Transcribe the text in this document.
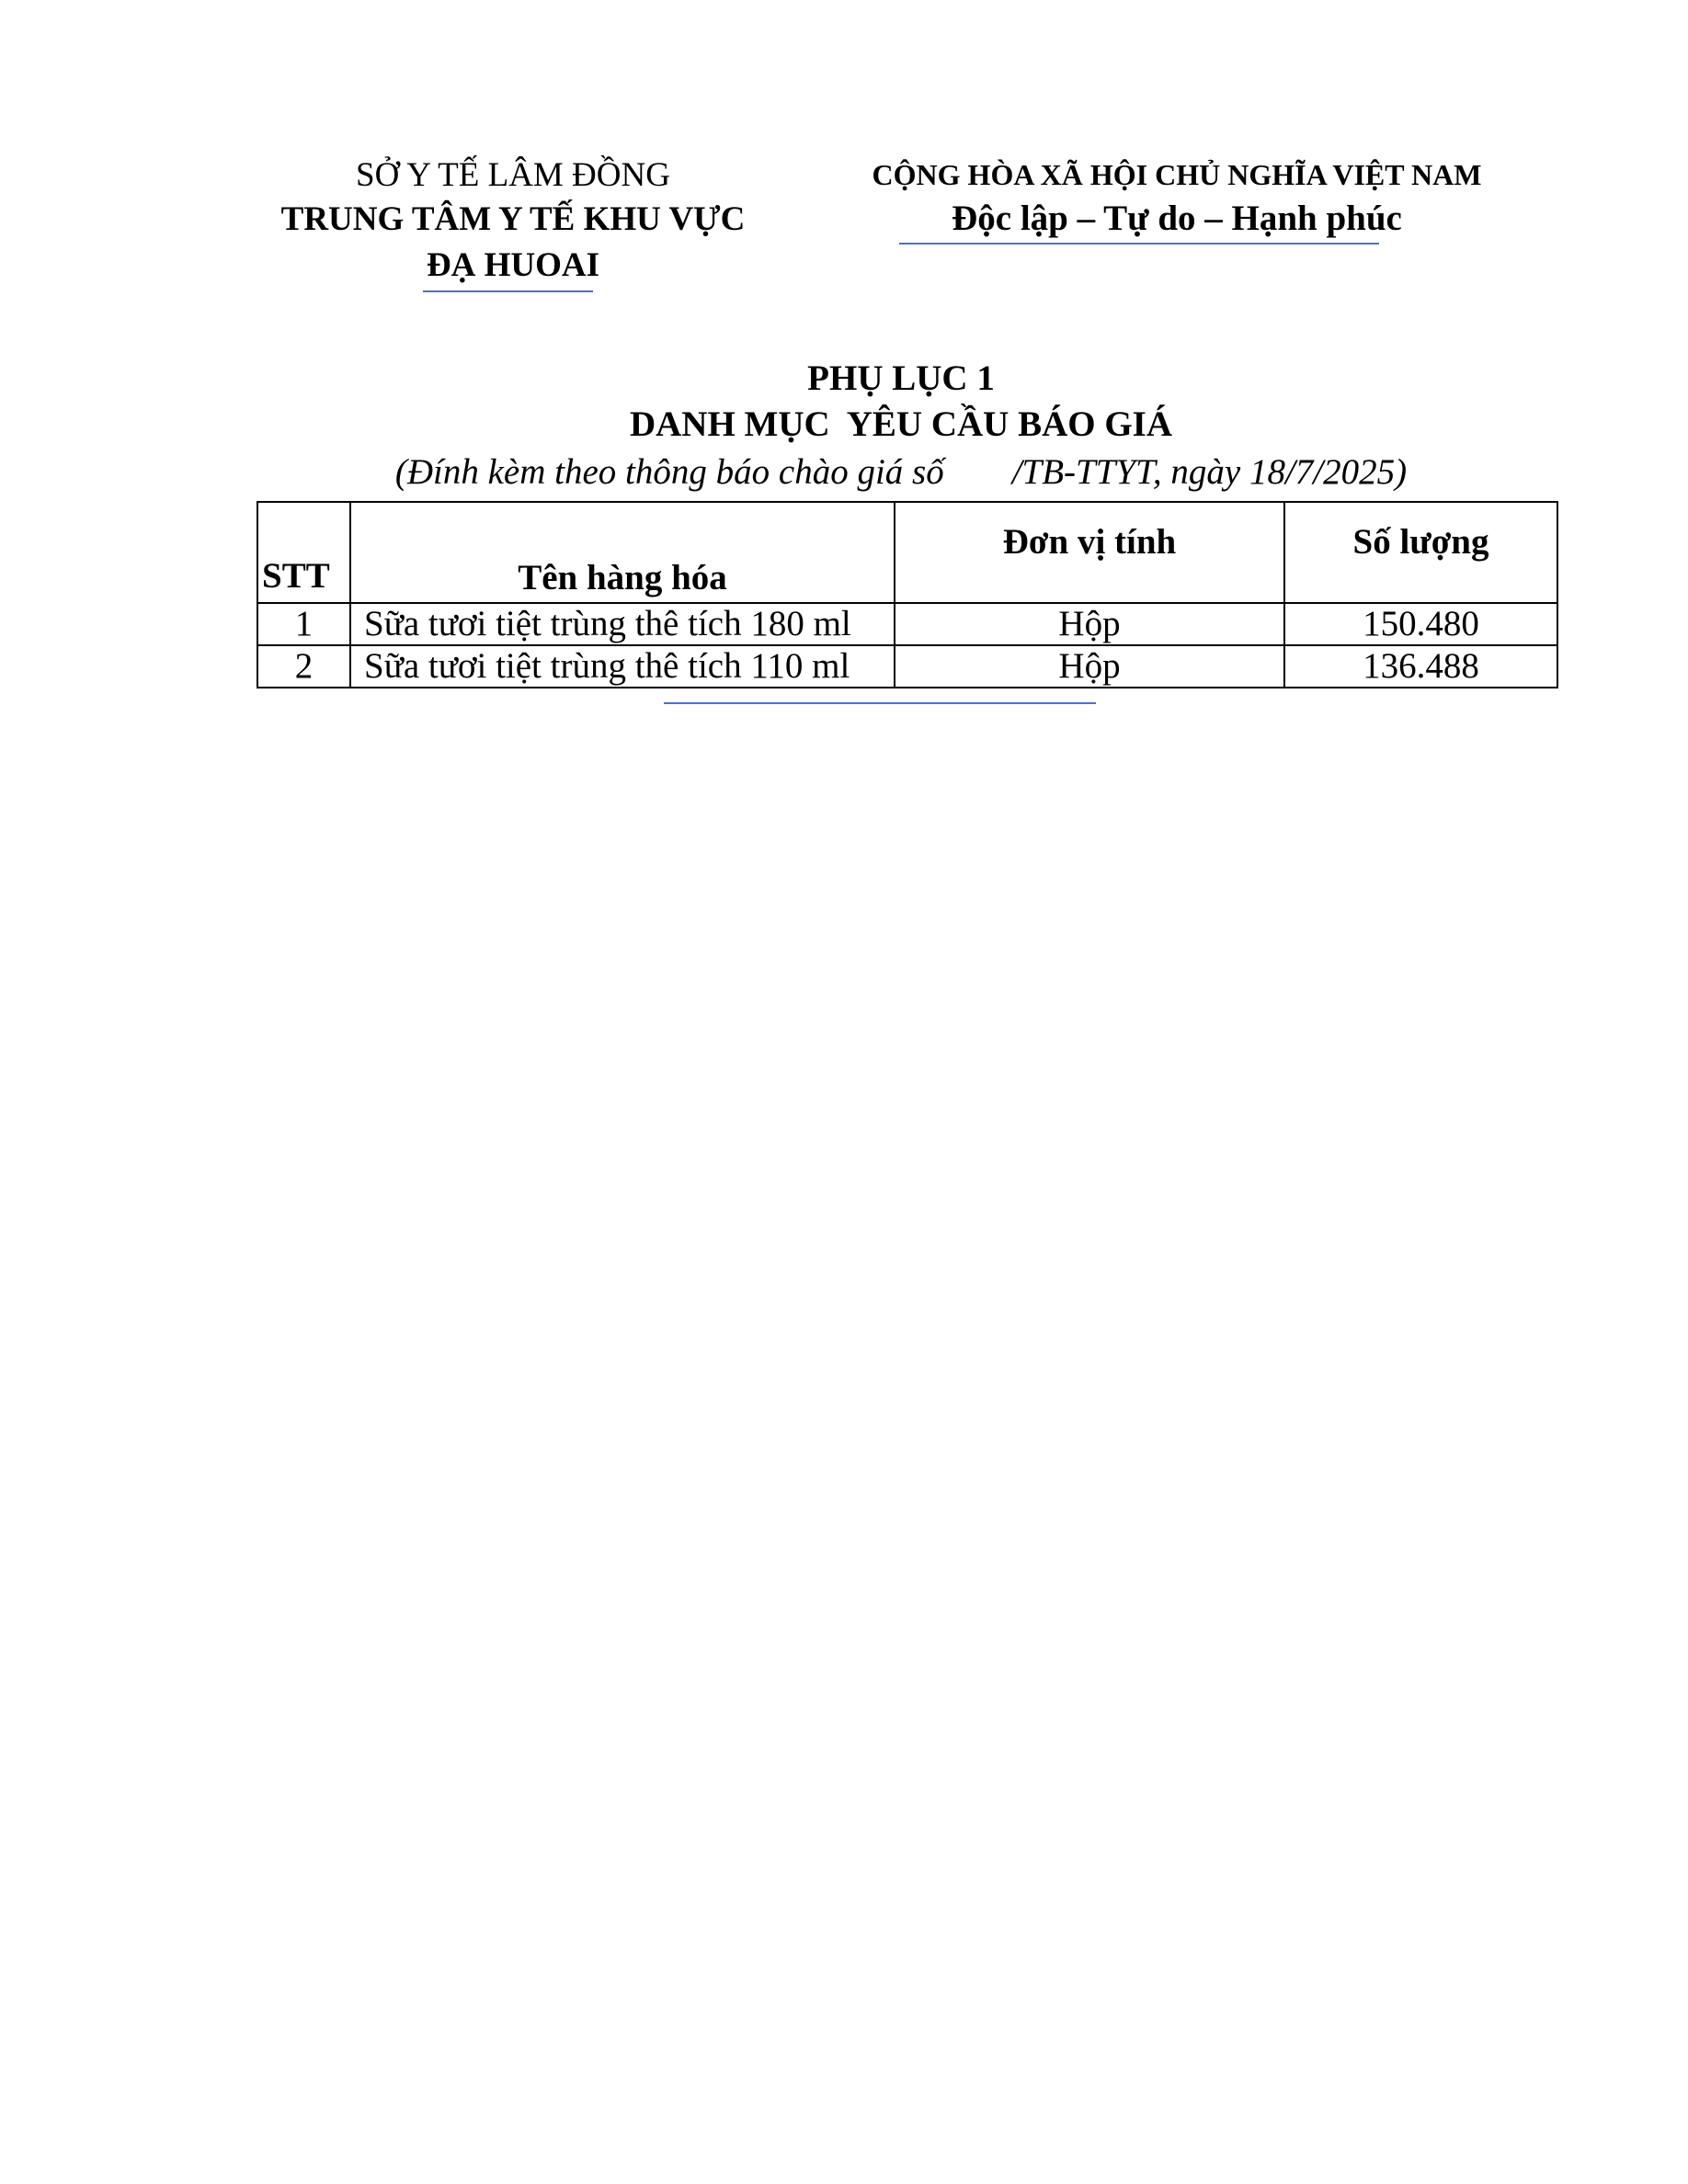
SỞ Y TẾ LÂM ĐỒNG
TRUNG TÂM Y TẾ KHU VỰC
ĐẠ HUOAI
CỘNG HÒA XÃ HỘI CHỦ NGHĨA VIỆT NAM
Độc lập – Tự do – Hạnh phúc
PHỤ LỤC 1
DANH MỤC  YÊU CẦU BÁO GIÁ
(Đính kèm theo thông báo chào giá số /TB-TTYT, ngày 18/7/2025)
STT	Tên hàng hóa	Đơn vị tính	Số lượng
1	Sữa tươi tiệt trùng thê tích 180 ml	Hộp	150.480
2	Sữa tươi tiệt trùng thê tích 110 ml	Hộp	136.488
